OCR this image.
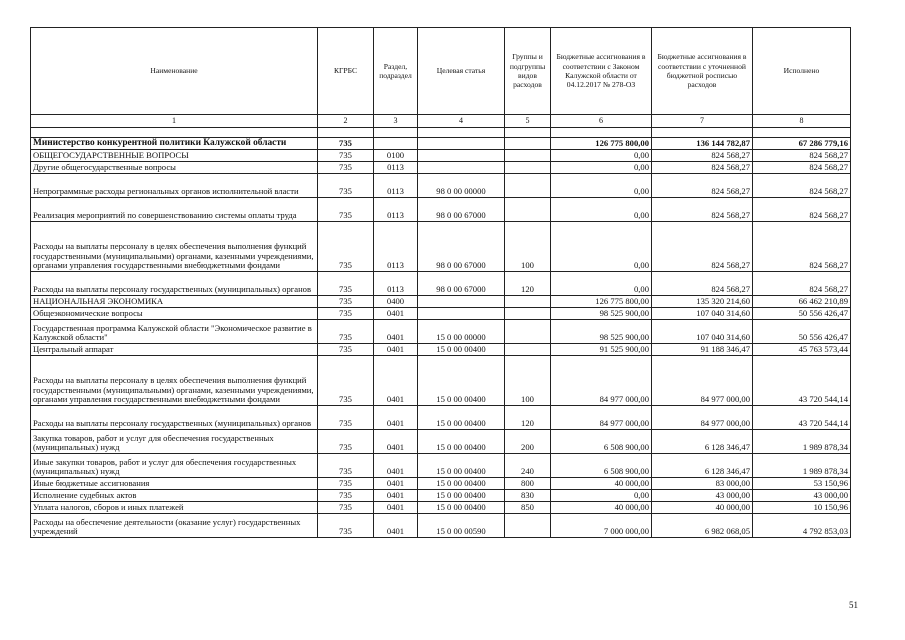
Наименование	КГРБС	Раздел, подраздел	Целевая статья	Группы и подгруппы видов расходов	Бюджетные ассигнования в соответствии с Законом Калужской области от 04.12.2017 № 278-ОЗ	Бюджетные ассигнования в соответствии с уточненной бюджетной росписью расходов	Исполнено
1	2	3	4	5	6	7	8

Министерство конкурентной политики Калужской области	735				126 775 800,00	136 144 782,87	67 286 779,16
ОБЩЕГОСУДАРСТВЕННЫЕ ВОПРОСЫ	735	0100			0,00	824 568,27	824 568,27
Другие общегосударственные вопросы	735	0113			0,00	824 568,27	824 568,27
Непрограммные расходы региональных органов исполнительной власти	735	0113	98 0 00 00000		0,00	824 568,27	824 568,27
Реализация мероприятий по совершенствованию системы оплаты труда	735	0113	98 0 00 67000		0,00	824 568,27	824 568,27
Расходы на выплаты персоналу в целях обеспечения выполнения функций государственными (муниципальными) органами, казенными учреждениями, органами управления государственными внебюджетными фондами	735	0113	98 0 00 67000	100	0,00	824 568,27	824 568,27
Расходы на выплаты персоналу государственных (муниципальных) органов	735	0113	98 0 00 67000	120	0,00	824 568,27	824 568,27
НАЦИОНАЛЬНАЯ ЭКОНОМИКА	735	0400			126 775 800,00	135 320 214,60	66 462 210,89
Общеэкономические вопросы	735	0401			98 525 900,00	107 040 314,60	50 556 426,47
Государственная программа Калужской области "Экономическое развитие в Калужской области"	735	0401	15 0 00 00000		98 525 900,00	107 040 314,60	50 556 426,47
Центральный аппарат	735	0401	15 0 00 00400		91 525 900,00	91 188 346,47	45 763 573,44
Расходы на выплаты персоналу в целях обеспечения выполнения функций государственными (муниципальными) органами, казенными учреждениями, органами управления государственными внебюджетными фондами	735	0401	15 0 00 00400	100	84 977 000,00	84 977 000,00	43 720 544,14
Расходы на выплаты персоналу государственных (муниципальных) органов	735	0401	15 0 00 00400	120	84 977 000,00	84 977 000,00	43 720 544,14
Закупка товаров, работ и услуг для обеспечения государственных (муниципальных) нужд	735	0401	15 0 00 00400	200	6 508 900,00	6 128 346,47	1 989 878,34
Иные закупки товаров, работ и услуг для обеспечения государственных (муниципальных) нужд	735	0401	15 0 00 00400	240	6 508 900,00	6 128 346,47	1 989 878,34
Иные бюджетные ассигнования	735	0401	15 0 00 00400	800	40 000,00	83 000,00	53 150,96
Исполнение судебных актов	735	0401	15 0 00 00400	830	0,00	43 000,00	43 000,00
Уплата налогов, сборов и иных платежей	735	0401	15 0 00 00400	850	40 000,00	40 000,00	10 150,96
Расходы на обеспечение деятельности (оказание услуг) государственных учреждений	735	0401	15 0 00 00590		7 000 000,00	6 982 068,05	4 792 853,03
51
